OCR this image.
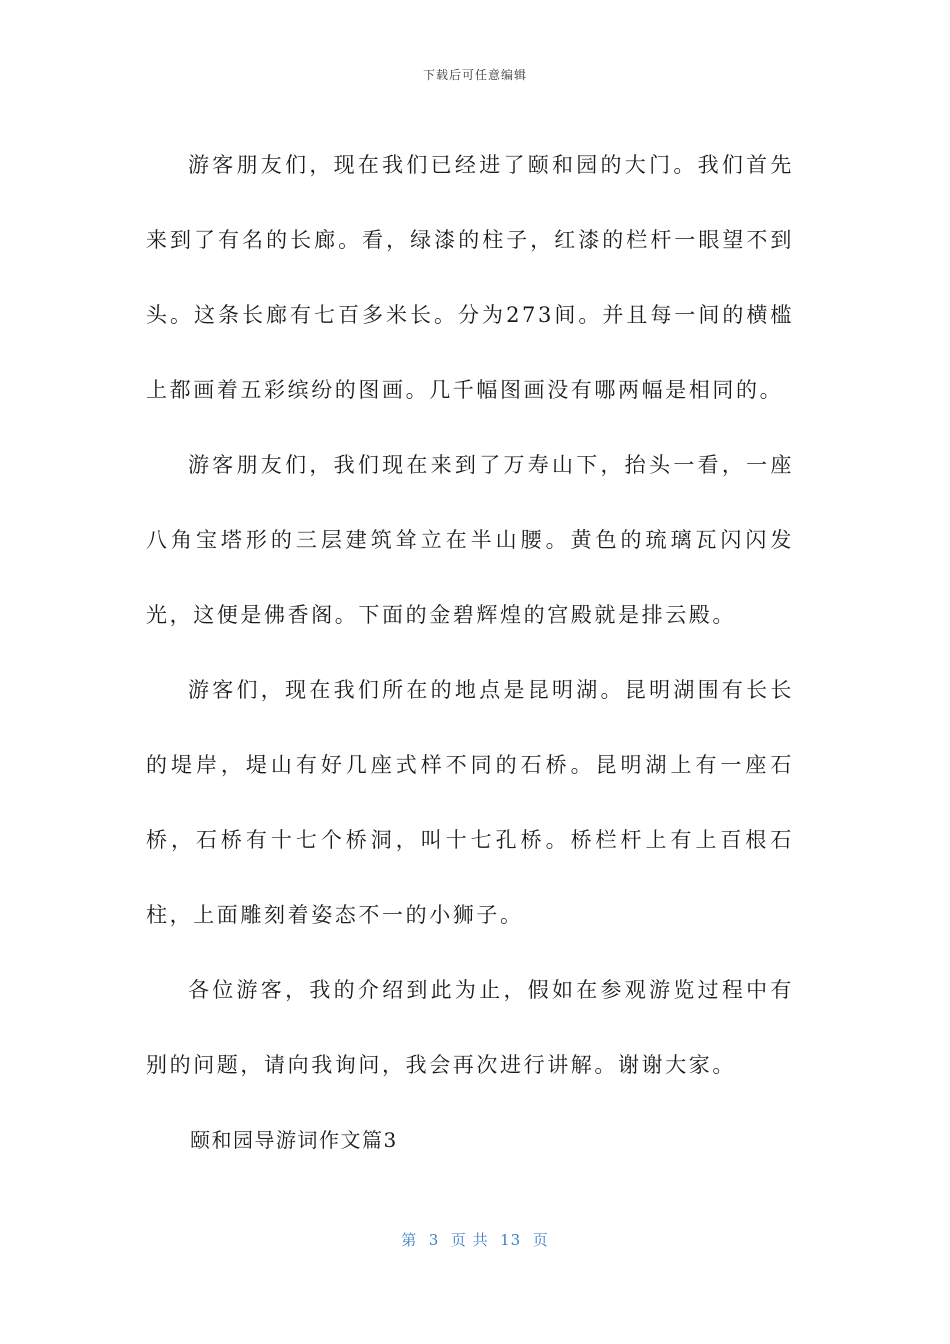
下载后可任意编辑

游客朋友们，现在我们已经进了颐和园的大门。我们首先来到了有名的长廊。看，绿漆的柱子，红漆的栏杆一眼望不到头。这条长廊有七百多米长。分为273间。并且每一间的横槛上都画着五彩缤纷的图画。几千幅图画没有哪两幅是相同的。

游客朋友们，我们现在来到了万寿山下，抬头一看，一座八角宝塔形的三层建筑耸立在半山腰。黄色的琉璃瓦闪闪发光，这便是佛香阁。下面的金碧辉煌的宫殿就是排云殿。

游客们，现在我们所在的地点是昆明湖。昆明湖围有长长的堤岸，堤山有好几座式样不同的石桥。昆明湖上有一座石桥，石桥有十七个桥洞，叫十七孔桥。桥栏杆上有上百根石柱，上面雕刻着姿态不一的小狮子。

各位游客，我的介绍到此为止，假如在参观游览过程中有别的问题，请向我询问，我会再次进行讲解。谢谢大家。

颐和园导游词作文篇3

第  3  页 共  13  页
